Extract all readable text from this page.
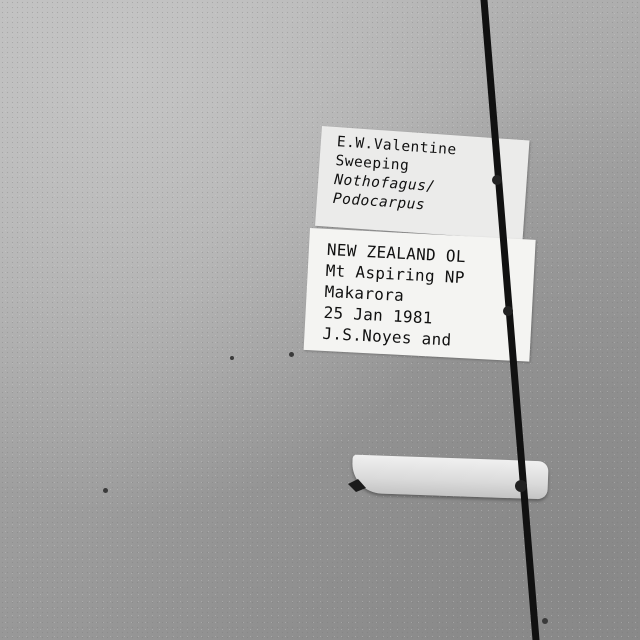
E.W.Valentine
Sweeping
Nothofagus/
Podocarpus
NEW ZEALAND OL
Mt Aspiring NP
Makarora
25 Jan 1981
J.S.Noyes and
